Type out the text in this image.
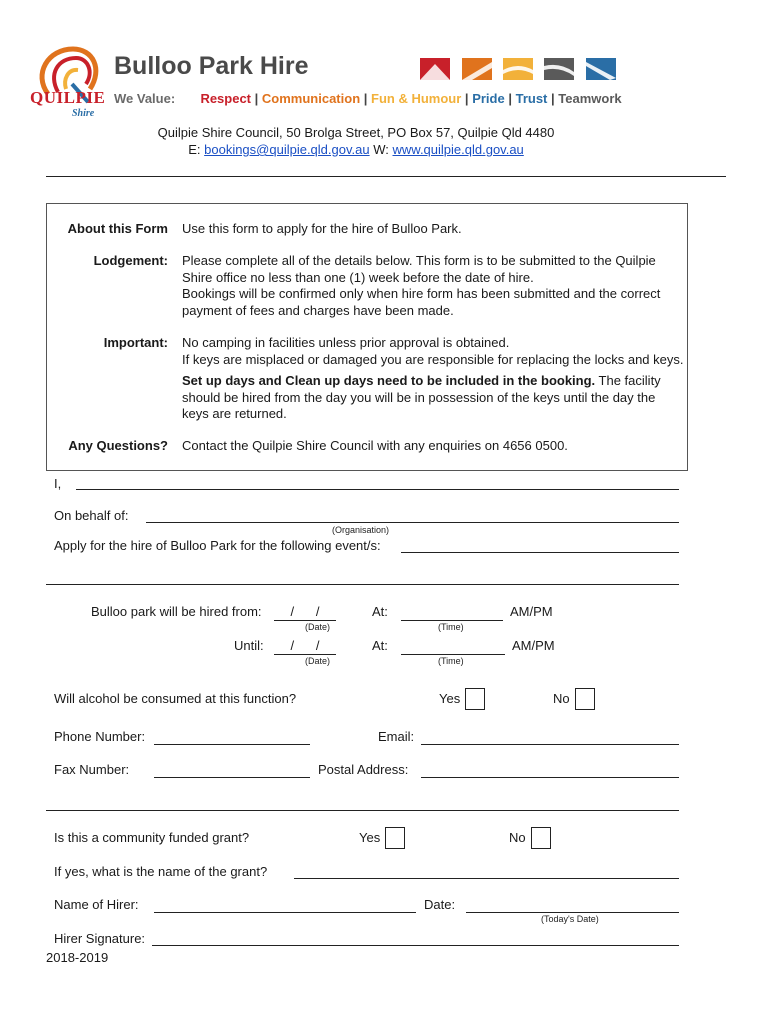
QUILPIE
Shire
Bulloo Park Hire
We Value: Respect | Communication | Fun & Humour | Pride | Trust | Teamwork
Quilpie Shire Council, 50 Brolga Street, PO Box 57, Quilpie Qld 4480
E: bookings@quilpie.qld.gov.au W: www.quilpie.qld.gov.au
About this Form Use this form to apply for the hire of Bulloo Park.
Lodgement: Please complete all of the details below. This form is to be submitted to the Quilpie
Shire office no less than one (1) week before the date of hire.
Bookings will be confirmed only when hire form has been submitted and the correct
payment of fees and charges have been made.
Important: No camping in facilities unless prior approval is obtained.
If keys are misplaced or damaged you are responsible for replacing the locks and keys.
Set up days and Clean up days need to be included in the booking. The facility
should be hired from the day you will be in possession of the keys until the day the
keys are returned.
Any Questions? Contact the Quilpie Shire Council with any enquiries on 4656 0500.
I,
On behalf of:
(Organisation)
Apply for the hire of Bulloo Park for the following event/s:
Bulloo park will be hired from:	/      /
(Date)
At:
(Time)
AM/PM
Until:	/      /
(Date)
At:
(Time)
AM/PM
Will alcohol be consumed at this function?	Yes	No
Phone Number:	Email:
Fax Number:	Postal Address:
Is this a community funded grant?	Yes	No
If yes, what is the name of the grant?
Name of Hirer:	Date:
(Today's Date)
Hirer Signature:
2018-2019
